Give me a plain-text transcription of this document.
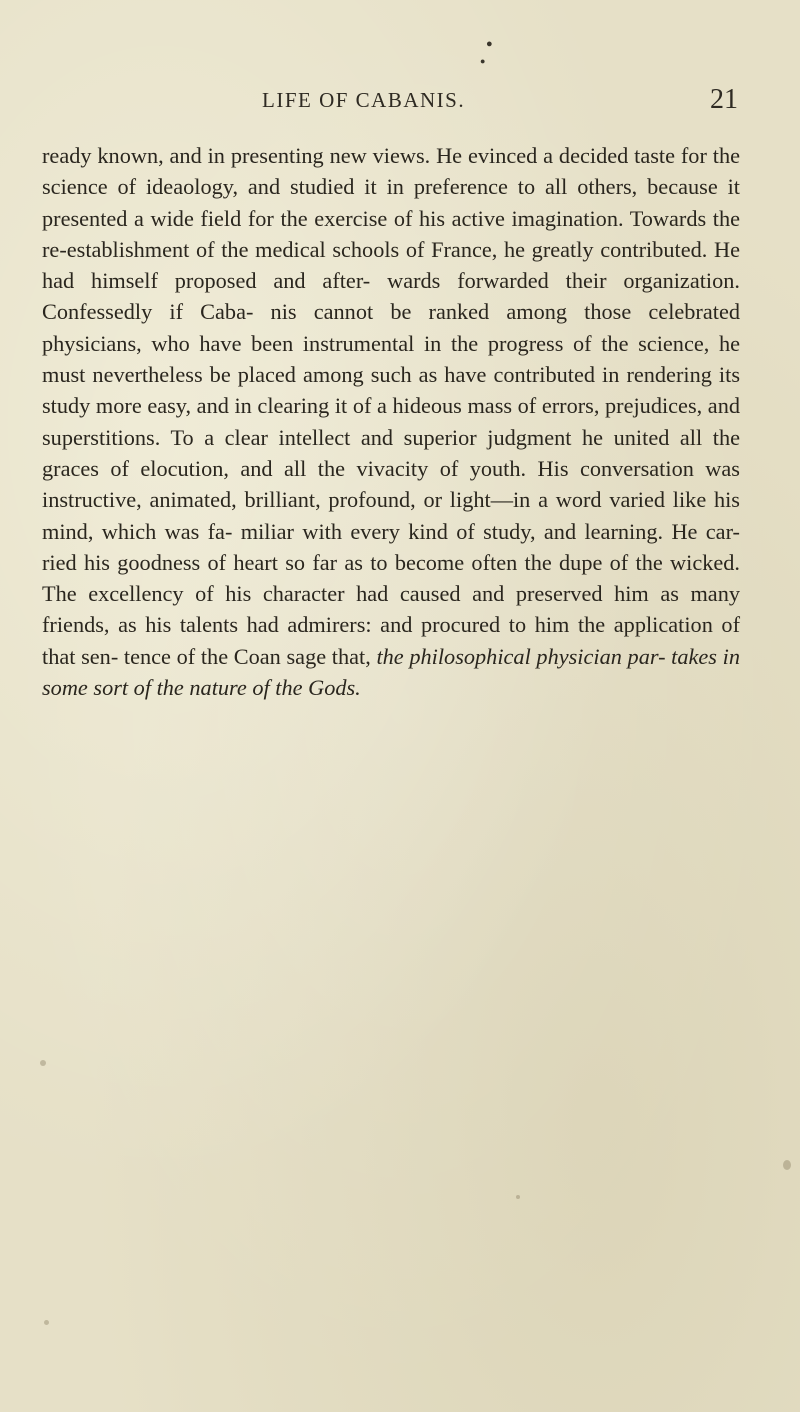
●
●
LIFE OF CABANIS.	21

ready known, and in presenting new views. He evinced a decided taste for the science of ideaology, and studied it in preference to all others, because it presented a wide field for the exercise of his active imagination. Towards the re-establishment of the medical schools of France, he greatly contributed. He had himself proposed and after- wards forwarded their organization. Confessedly if Caba- nis cannot be ranked among those celebrated physicians, who have been instrumental in the progress of the science, he must nevertheless be placed among such as have contributed in rendering its study more easy, and in clearing it of a hideous mass of errors, prejudices, and superstitions. To a clear intellect and superior judgment he united all the graces of elocution, and all the vivacity of youth. His conversation was instructive, animated, brilliant, profound, or light—in a word varied like his mind, which was fa- miliar with every kind of study, and learning. He car- ried his goodness of heart so far as to become often the dupe of the wicked. The excellency of his character had caused and preserved him as many friends, as his talents had admirers: and procured to him the application of that sen- tence of the Coan sage that, the philosophical physician par- takes in some sort of the nature of the Gods.
